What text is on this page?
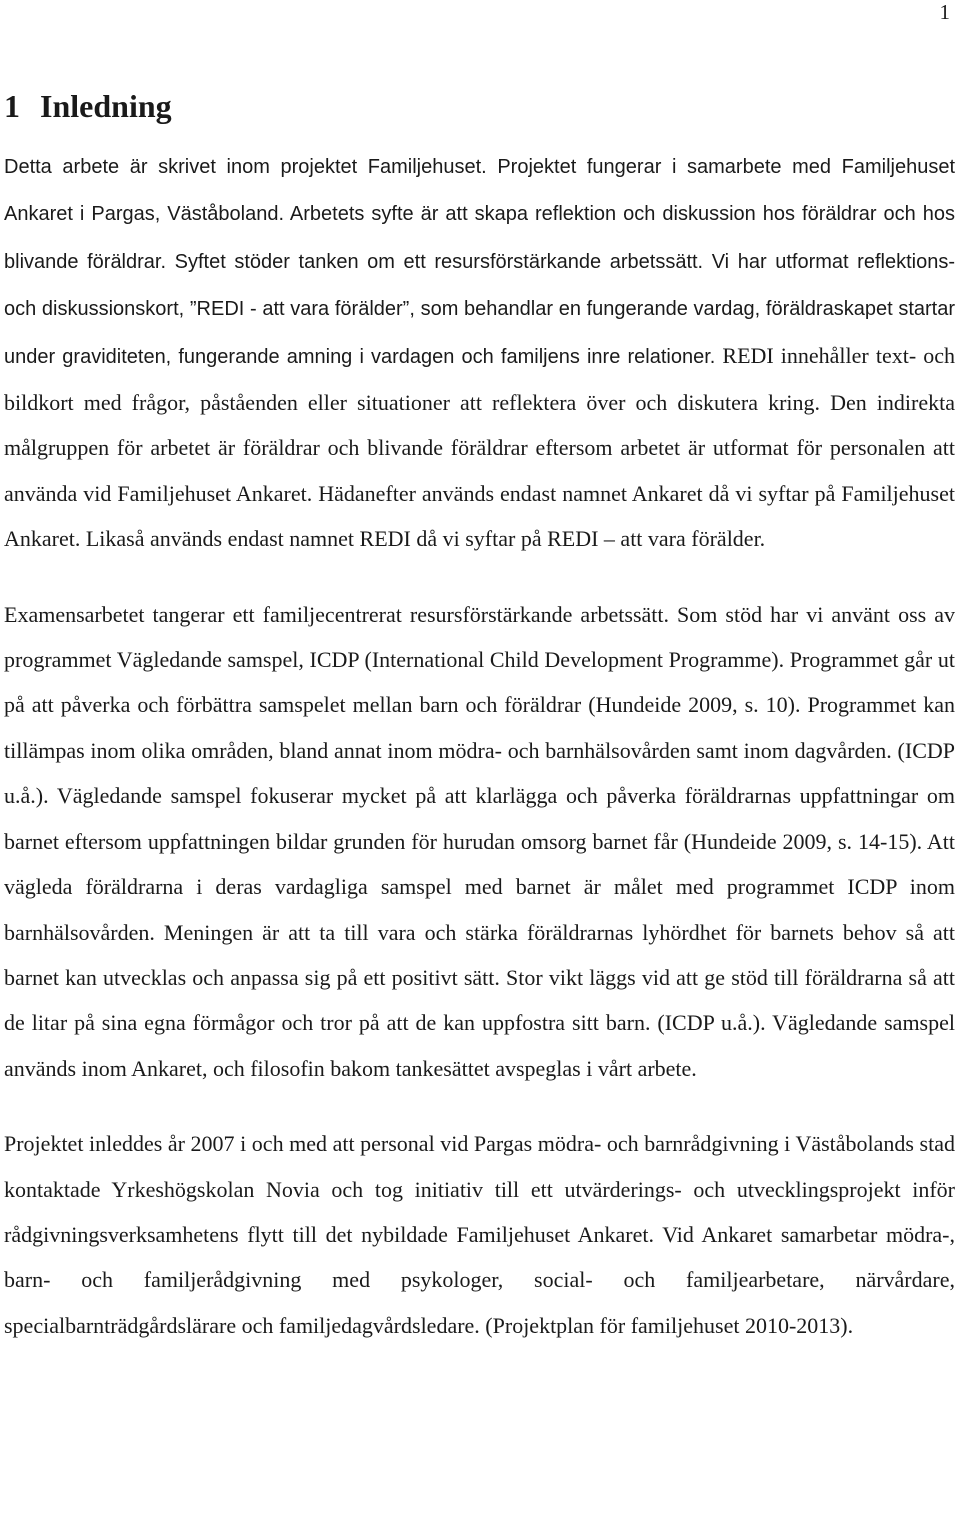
1
1 Inledning

Detta arbete är skrivet inom projektet Familjehuset. Projektet fungerar i samarbete med Familjehuset Ankaret i Pargas, Väståboland. Arbetets syfte är att skapa reflektion och diskussion hos föräldrar och hos blivande föräldrar. Syftet stöder tanken om ett resursförstärkande arbetssätt. Vi har utformat reflektions- och diskussionskort, ”REDI - att vara förälder”, som behandlar en fungerande vardag, föräldraskapet startar under graviditeten, fungerande amning i vardagen och familjens inre relationer. REDI innehåller text- och bildkort med frågor, påståenden eller situationer att reflektera över och diskutera kring. Den indirekta målgruppen för arbetet är föräldrar och blivande föräldrar eftersom arbetet är utformat för personalen att använda vid Familjehuset Ankaret. Hädanefter används endast namnet Ankaret då vi syftar på Familjehuset Ankaret. Likaså används endast namnet REDI då vi syftar på REDI – att vara förälder.

Examensarbetet tangerar ett familjecentrerat resursförstärkande arbetssätt. Som stöd har vi använt oss av programmet Vägledande samspel, ICDP (International Child Development Programme). Programmet går ut på att påverka och förbättra samspelet mellan barn och föräldrar (Hundeide 2009, s. 10). Programmet kan tillämpas inom olika områden, bland annat inom mödra- och barnhälsovården samt inom dagvården. (ICDP u.å.). Vägledande samspel fokuserar mycket på att klarlägga och påverka föräldrarnas uppfattningar om barnet eftersom uppfattningen bildar grunden för hurudan omsorg barnet får (Hundeide 2009, s. 14-15). Att vägleda föräldrarna i deras vardagliga samspel med barnet är målet med programmet ICDP inom barnhälsovården. Meningen är att ta till vara och stärka föräldrarnas lyhördhet för barnets behov så att barnet kan utvecklas och anpassa sig på ett positivt sätt. Stor vikt läggs vid att ge stöd till föräldrarna så att de litar på sina egna förmågor och tror på att de kan uppfostra sitt barn. (ICDP u.å.). Vägledande samspel används inom Ankaret, och filosofin bakom tankesättet avspeglas i vårt arbete.

Projektet inleddes år 2007 i och med att personal vid Pargas mödra- och barnrådgivning i Väståbolands stad kontaktade Yrkeshögskolan Novia och tog initiativ till ett utvärderings- och utvecklingsprojekt inför rådgivningsverksamhetens flytt till det nybildade Familjehuset Ankaret. Vid Ankaret samarbetar mödra-, barn- och familjerådgivning med psykologer, social- och familjearbetare, närvårdare, specialbarnträdgårdslärare och familjedagvårdsledare. (Projektplan för familjehuset 2010-2013).
